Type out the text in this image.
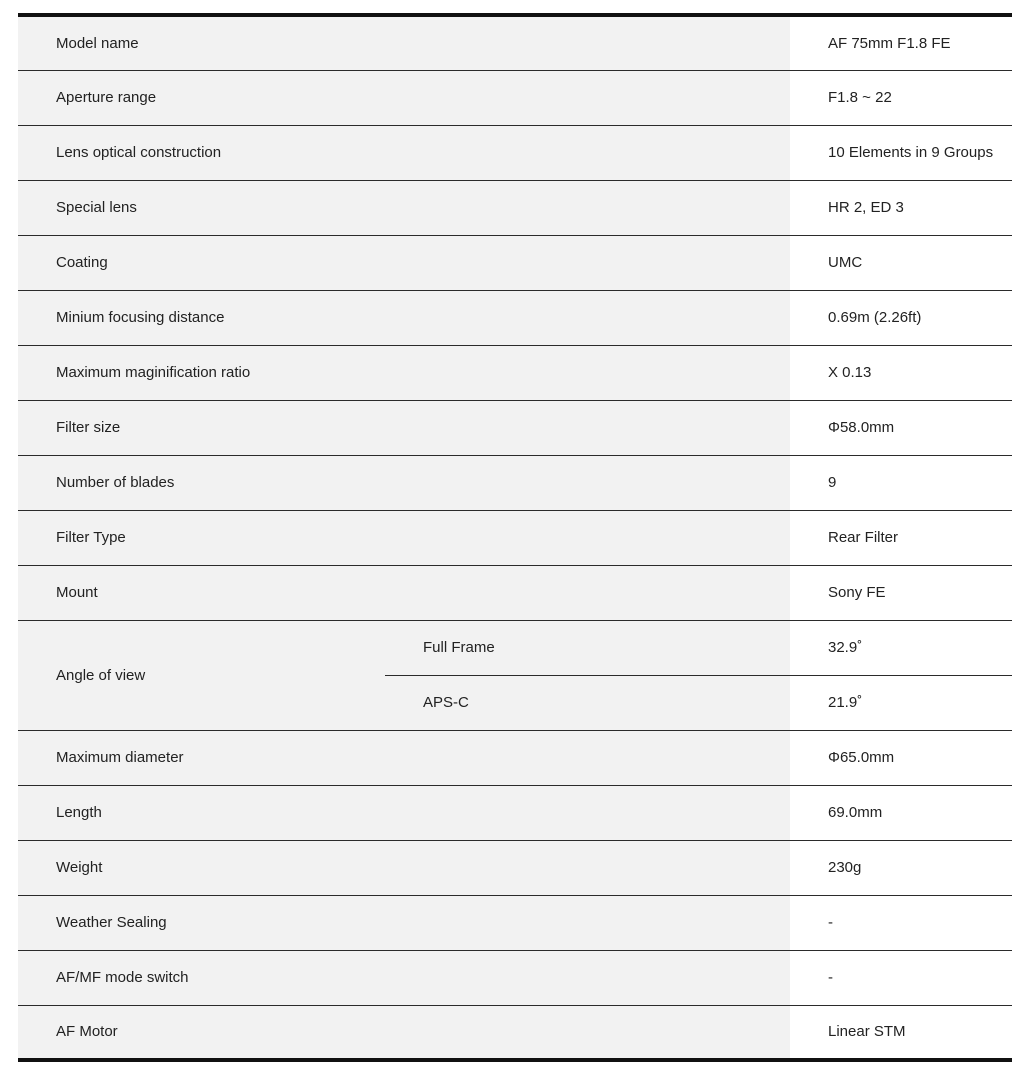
Model name		AF 75mm F1.8 FE
Aperture range		F1.8 ~ 22
Lens optical construction		10 Elements in 9 Groups
Special lens		HR 2, ED 3
Coating		UMC
Minium focusing distance		0.69m (2.26ft)
Maximum maginification ratio		X 0.13
Filter size		Φ58.0mm
Number of blades		9
Filter Type		Rear Filter
Mount		Sony FE
Angle of view	Full Frame	32.9˚
	APS-C	21.9˚
Maximum diameter		Φ65.0mm
Length		69.0mm
Weight		230g
Weather Sealing		-
AF/MF mode switch		-
AF Motor		Linear STM
